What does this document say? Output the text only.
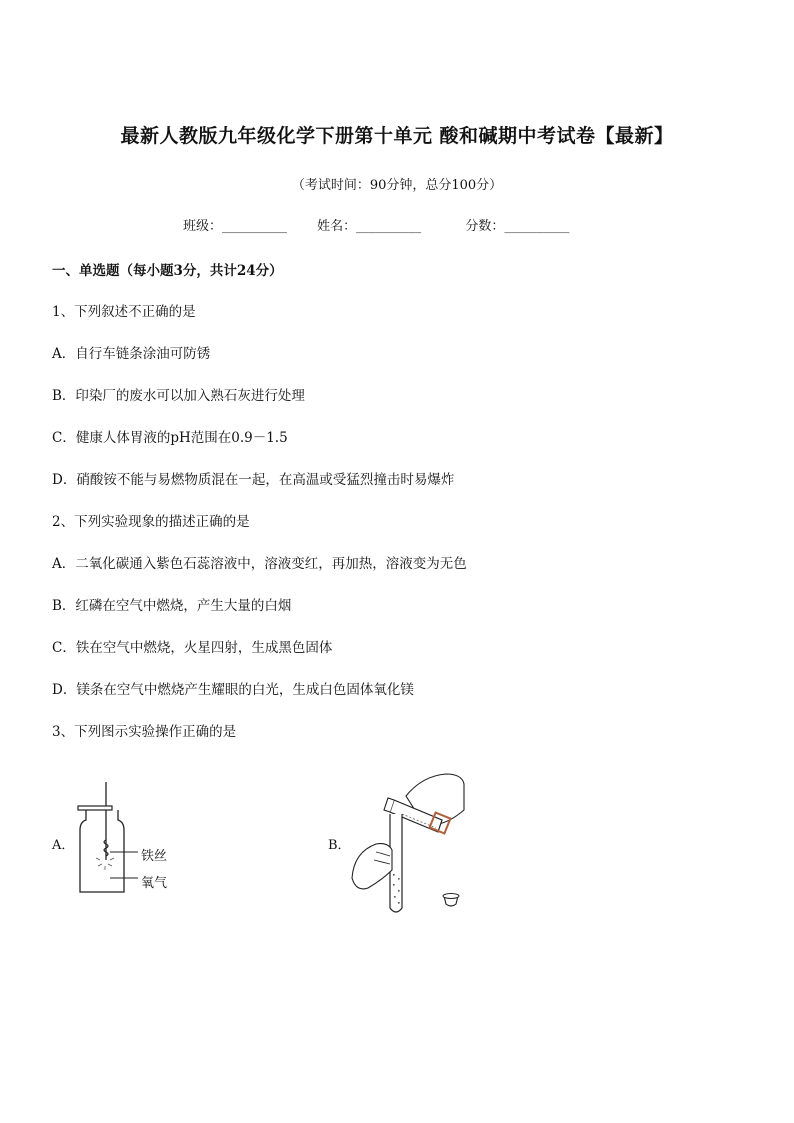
最新人教版九年级化学下册第十单元 酸和碱期中考试卷【最新】
（考试时间：90分钟，总分100分）
班级：__________ 姓名：__________	分数：__________
一、单选题（每小题3分，共计24分）
1、下列叙述不正确的是
A．自行车链条涂油可防锈
B．印染厂的废水可以加入熟石灰进行处理
C．健康人体胃液的pH范围在0.9－1.5
D．硝酸铵不能与易燃物质混在一起，在高温或受猛烈撞击时易爆炸
2、下列实验现象的描述正确的是
A．二氧化碳通入紫色石蕊溶液中，溶液变红，再加热，溶液变为无色
B．红磷在空气中燃烧，产生大量的白烟
C．铁在空气中燃烧，火星四射，生成黑色固体
D．镁条在空气中燃烧产生耀眼的白光，生成白色固体氧化镁
3、下列图示实验操作正确的是
A．
铁丝
氧气
B．
